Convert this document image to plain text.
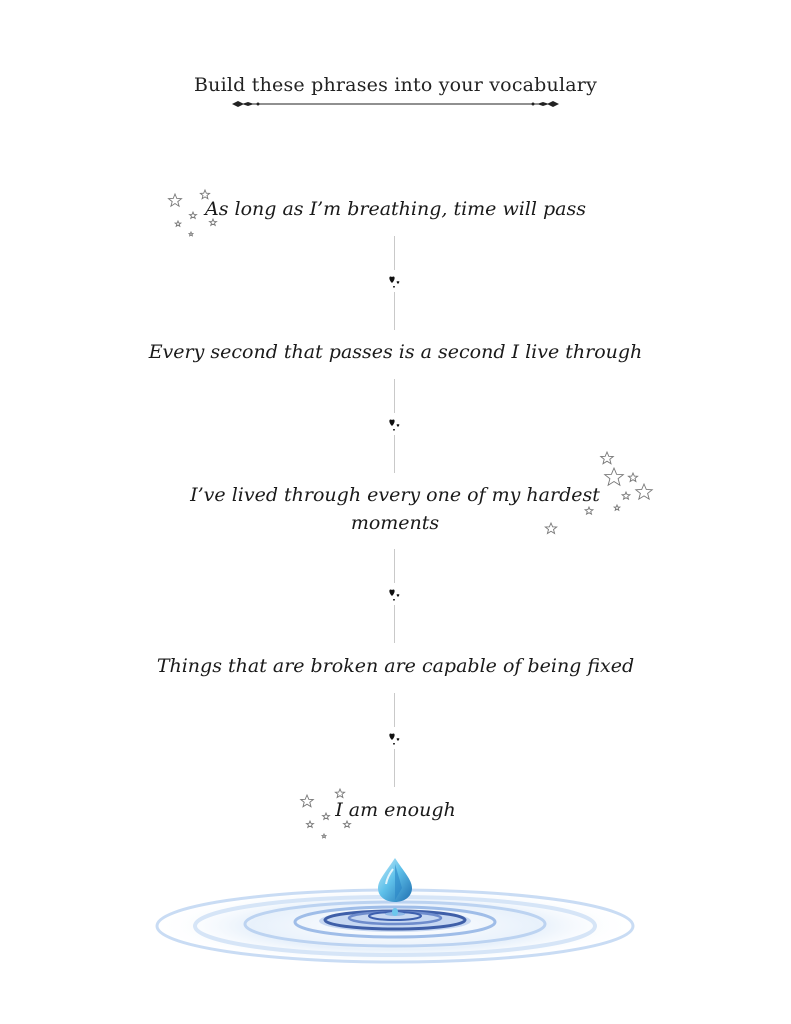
Build these phrases into your vocabulary
As long as I’m breathing, time will pass
Every second that passes is a second I live through
I’ve lived through every one of my hardest moments
Things that are broken are capable of being fixed
I am enough
